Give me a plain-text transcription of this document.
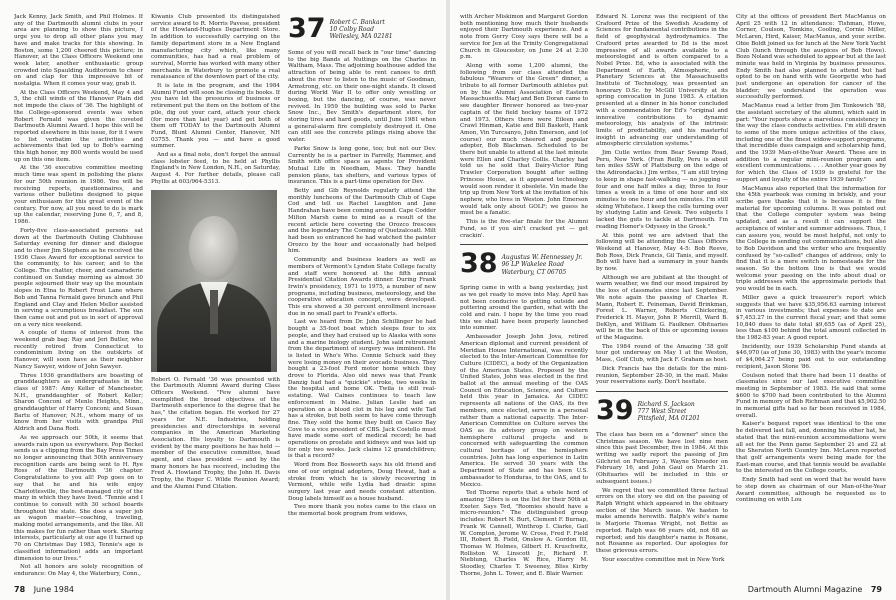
Jack Kenny, Jack Smith, and Phil Holmes. If any of the Dartmouth alumni clubs in your area are planning to show this picture, I urge you to drop all other plans you may have and make tracks for this showing. In Boston, some 1,200 cheered this picture; in Hanover, at the Class Officers Weekend one week later, another enthusiastic group crowded into Spaulding Auditorium to cheer on and clap for this impressive bit of nostalgia. When it comes your way, grab it.

At the Class Officers Weekend, May 4 and 5, the chill winds of the Hanover Plain did not impede the class of '36. The highlight of the College-sponsored events was when Robert Fernald was given the coveted Dartmouth Alumni Award. I hope this will be reported elsewhere in this issue, for it I were to list verbatim the activities and achievements that led up to Bob's earning this high honor, my 800 words would be used up on this one item.

At the '36 executive committee meeting much time was spent in polishing the plans for our 50th reunion in 1986. You will be receiving reports, questionnaires, and various other bulletins designed to pique your enthusiasm for this great event of the century. For now, all you need to do is mark up the calendar, reserving June 6, 7, and 8, 1986.

Forty-five class-associated persons sat down at the Dartmouth Outing Clubhouse Saturday evening for dinner and dialogue and to cheer Jim Stephens as he received the 1936 Class Award for exceptional service to the community, to his career, and to the College. The chatter, cheer, and camaraderie continued on Sunday morning as almost 30 people sojourned their way up the mountain slopes in Etna to Robert Frost Lane where Bob and Tanna Fernald gave brunch and Phil England and Clay and Helen Mellor assisted in serving a scrumptious breakfast. The sun then came out and put us in sort of approval on a very nice weekend.

A couple of items of interest from the weekend grab bag: Ray and Jeri Butler, who recently retired from Connecticut to condominium living on the outskirts of Hanover, will soon have as their neighbor Nancy Sawyer, widow of John Sawyer.

Three 1936 grandfathers are boasting of granddaughters as undergraduates in the class of 1987: Amy Keller of Manchester, N.H., granddaughter of Robert Keller; Sharon Conconi of Menlo Heights, Minn., granddaughter of Harry Conconi; and Susan Bartu of Hanover, N.H., whom many of us know from her visits with grandpa Phil Aldrich and Dana Rodi.

As we approach our 50th, it seems that awards rain upon us everywhere. Pop Beckel sends us a clipping from the Bay Press Times no longer announcing that 50th anniversary recognition cards are being sent to H. Rye Ross of the Dartmouth '36 chapter. Congratulations to you all! Pop goes on to say that he and his wife enjoy Charlottesville, the best-managed city of the many in which they have lived. "Tennie and I continue to consult with 30 school boards throughout the state. She does a super job as wagon master—coaching, traveling, making motel arrangements, and the like. All this makes for fun rather than work. Sharing interests, particularly at our age (I turned up 70 on Christmas Day 1983, Tennie's age is classified information) adds an important dimension to our lives."

Not all honors are solely recognition of endurance: On May 4, the Waterbury, Conn.,

Kiwanis Club presented its distinguished service award to R. Morris Pavese, president of the Howland-Hughes Department Store. In addition to successfully carrying on the family department store in a New England manufacturing city which, like many communities, has had a real problem of survival, Morrie has worked with many other merchants in Waterbury to promote a real renaissance of the downtown part of the city.

It is late in the program, and the 1984 Alumni Fund will soon be closing its books. If you have let the pressures of business or retirement put the item on the bottom of the pile, dig out your card, attach your check (for more than last year) and get both of them off TODAY to the Dartmouth Alumni Fund, Blunt Alumni Center, Hanover, NH 03755. Thank you — and have a good summer.

And as a final note, don't forget the annual class lobster feed, to be held at Phyllis England's in New London, N.H., on Saturday, August 4. For further details, please call Phyllis at 603/964-5313.

Robert O. Fernald '36 was presented with the Dartmouth Alumni Award during Class Officers Weekend. "Few alumni have exemplified the broad objectives of the Dartmouth experience to the degree that he has," the citation began. He worked for 27 years for N.E. Industries, holding presidencies and directorships in several companies in the American Marketing Association. His loyalty to Dartmouth is evident by the many positions he has held — member of the executive committee, head agent, and class president — and by the many honors he has received, including the Fred A. Howland Trophy, the John H. Davis Trophy, the Roger C. Wilde Reunion Award; and the Alumni Fund Citation.

37 Robert C. Bankart
10 Colby Road
Wellesley, MA 02181

Some of you will recall back in "our time" dancing to the big Bands at Nuttings on the Charles in Waltham, Mass. The adjoining boathouse added the attraction of being able to rent canoes to drift about the river to listen to the music of Goodman, Armstrong, etc. on their one-night stands. It closed during World War II to offer only wrestling or boxing, but the dancing, of course, was never revived. In 1959 the building was sold to Parke Snow Inc., Bev Smith's department store, for storing tires and hard goods, until June 1981 when a general-alarm fire completely destroyed it. One can still see the concrete pilings rising above the water.

Parke Snow is long gone, too; but not our Dev. Currently he is a partner in Farrelly, Hammer, and Smith with office space as agents for Provident Mutual Life in Needham, Mass. They handle pension plans, tax shelters, and various types of insurance. This is a part-time operation for Dev.

Betty and Gib Reynolds regularly attend the monthly luncheons of the Dartmouth Club of Cape Cod and tell us Rachel Laughton and Jane Handrahan have been coming around. Cape Codder Milton Marsh came to mind as a result of the recent article here covering the Orozco frescoes and the legendary The Coming of Quetzalcoatl. Milt had been so entranced he had watched the painter Orozco by the hour and occasionally had helped him.

Community and business leaders as well as members of Vermont's Lyndon State College faculty and staff were honored at the fifth annual Presidential Citation Awards dinner. During Frank Irwin's presidency, 1971 to 1975, a number of new programs, including business, meteorology, and the cooperative education concept, were developed. This era showed a 30 percent enrollment increase due in no small part to Frank's efforts.

Last we heard from Dr. John Schillinger he had bought a 35-foot boat which sleeps four to six people, and they had cruised up to Alaska with sons and a marine biology student. John said retirement from the department of surgery was imminent. He is listed in Who's Who. Connie Schuck said they were losing money on their avocado business. They bought a 23-foot Ford motor home which they drove to Florida. Also old news was that Frank Danzig had had a "quickie" stroke, two weeks in the hospital and home OK. Twila is still real-estating. Wal Caines continues to teach law enforcement in Maine. Julian Leslie had an operation on a blood clot in his leg and wife Tad has a stroke, but both seem to have come through fine. They sold the home they built on Casco Bay Cove to a vice president of CBS. Jack Costello must have made some sort of medical record; he had operations on prostate and kidneys and was laid up for only two weeks. Jack claims 12 grandchildren; is that a record?

Word from Boz Bosworth says his old friend and one of our original adopters, Doug Hewat, had a stroke from which he is slowly recovering in Vermont, while wife Lydia had drastic spine surgery last year and needs constant attention. Doug labels himself as a house husband.

Two more thank you notes came to the class on the memorial book program from widows,

78 June 1984

with Archer Miskimon and Margaret Gordon both mentioning how much their husbands enjoyed their Dartmouth experience. And a note from Gerry Cosy says there will be a service for Jen at the Trinity Congregational Church in Gloucester, on June 24 at 2:30 p.m.

Along with some 1,200 alumni, the following from our class attended the fabulous "Wearers of the Green" dinner, a tribute to all former Dartmouth athletes put on by the Alumni Association of Eastern Massachusetts. Marj and Ben Doran came to see daughter Brewer honored as two-year captain of the field hockey teams of 1972 and 1973. Others there were Eileen and Crawl Hinman, Katie and Bill Baskett, Hank Amon, Vin Turcsanyo, John Emerson, and (of course) our much cheered and popular adopter, Bob Blackman. Scheduled to be there but unable to attend at the last minute were Ellen and Charley Collis. Charley had told us he sold that Dairy-Victor Ring Trawler Corporation bought after selling Princess House, as it appeared technology would soon render it obsolete. Vin made the trip up from New York at the invitation of his nephew, who lives in Weston. John Emerson would talk only about GOLF; we guess he must be a fanatic.

This is the five-star finale for the Alumni Fund, so if you ain't cracked yet — get crackin'.

38 Augustus W. Hennessey Jr.
96 LP Wakelee Road
Waterbury, CT 06705

Spring came in with a bang yesterday, just as we get ready to move into May. April has not been conducive to getting outside and puttering around the garden, what with the cold and rain. I hope by the time you read this we shall have been properly launched into summer.

Ambassador Joseph John Jova, retired American diplomat and current president of Meridian House International, was recently elected to the Inter-American Committee for Culture (CIDEC), a body of the Organization of the American States. Proposed by the United States, John was elected in the first ballot at the annual meeting of the OAS Council on Education, Science, and Culture held this year in Jamaica. As CIDEC represents all nations of the OAS, its five members, once elected, serve in a personal rather than a national capacity. The Inter-American Committee on Culture serves the OAS as its advisory group on western hemisphere cultural projects and is concerned with safeguarding the common cultural heritage of the hemisphere countries. John has long experience in Latin America. He served 30 years with the Department of State and has been U.S. ambassador to Honduras, to the OAS, and to Mexico.

Ted Thorne reports that a whole herd of amazing '38ers is on the list for their 50th at Exeter. Says Ted, "Roomies should have a micro-reunion." The distinguished group includes: Robert N. Burt, Clement F. Burnap, Frank W. Cannell, Winthrop I. Clarke, Gail W. Compton, Jerome W. Cross, Fred F. Field III, Robert B. Field, Onslow A. Gordon III, Thomas W. Holmes, Gilbert H. Kruschwitz, Rolliston W. Linscott Jr., Richard F. Nieblung, Charles W. Rice, Harry M. Stoodley, Charles T. Sweeney, Bliss Kirby Thorne, John L. Tower, and E. Blair Warner.

Edward N. Lorenz was the recipient of the Crafoord Prize of the Swedish Academy of Sciences for fundamental contributions in the field of geophysical hydrodynamics. The Crafoord prize awarded to Ed is the most impressive of all awards available to a meteorologist and is often compared to a Nobel Prize. Ed, who is associated with the Department of Earth, Atmospheric, and Planetary Sciences at the Massachusetts Institute of Technology, was presented an honorary D.Sc. by McGill University at its spring convocation in June 1983. A citation presented at a dinner in his honor concluded with a commendation for Ed's "original and innovative contributions to dynamic meteorology, his analysis of the intrinsic limits of predictability, and his masterful insight in advancing our understanding of atmospheric circulation systems."

Jim Cutle writes from Bear Swamp Road, Peru, New York. (Fran Reilly, Peru is about ten miles SSW of Plattsburg on the edge of the Adirondacks.) Jim writes, "I am still trying to keep in shape fast-walking — no jogging — four and one half miles a day, three to four times a week in a time of one hour and six minutes to one hour and ten minutes. I'm still skiing Whiteface. I keep the cells turning over by studying Latin and Greek. Two subjects I lacked the guts to tackle at Dartmouth. I'm reading Homer's Odyssey in the Greek."

At this point we are advised that the following will be attending the Class Officers Weekend at Hanover, May 4-5: Bob Reeve, Bob Ross, Dick Francis, Gil Tanis, and myself. Bob will have had a summary in your hands by now.

Although we are jubilant at the thought of warm weather, we find our mood impaired by the loss of classmates since last September. We note again the passing of Charles R. Mann, Robert E. Feineman, David Brinkman, Forest L. Warner, Roberts Chickering, Frederick H. Mayor, John P. Merrill, Ward B. DeKlyn, and William G. Faulkner. Obituaries will be in the back of this or upcoming issues of the Magazine.

The 1984 round of the Amazing '38 golf tour got underway on May 1 at the Weston, Mass., Golf Club, with Jack F. Graham as host.

Dick Francis has the details for the mini-reunion, September 28-30, in the mail. Make your reservations early. Don't hesitate.

39 Richard S. Jackson
777 West Street
Pittsfield, MA 01201

The class has been on a "downer" since the Christmas season. We have lost nine men since this past December, five in 1984. At this writing we sadly report the passing of Jim Gilchrist on February 3, Wayne Shroeder on February 16, and John Gaul on March 21. (Obituaries will be included in this or subsequent issues.)

We regret that we committed three factual errors on the story we did on the passing of Ralph Wright which appeared in the obituary section of the March issue. We hasten to make amends herewith. Ralph's wife's name is Marjorie Thomas Wright, not Bettie as reported. Ralph was 66 years old, not 68 as reported; and his daughter's name is Roxane, not Rosanne as reported. Our apologies for these grievous errors.

Your executive committee met in New York

City at the offices of president Bert MacManus on April 25 with 12 in attendance: Tishman, Howe, Corner, Coulson, Tomkins, Cooling, Cornie Miller, McLaren, Hird, Kaiser, MacManus, and your scribe. Obie Boldt joined us for lunch at the New York Yacht Club (lunch through the auspices of Bob Howe). Bozo Noland was scheduled to appear but at the last minute was held in Virginia by business pressures. Endy Smith had also planned to attend but had opted to be on hand with wife Georgette who had just undergone an operation for cancer of the bladder; we understand the operation was successfully performed.

MacManus read a letter from Jim Tonkowich '88, the assistant secretary of the alumni, which said in part: "Your reports show a marvelous consistency in the way the class conducts activities. I'm still drawn to some of the more unique activities of the class, including one of the finest widow-support programs, that incredible dues campaign and scholarship fund, and the 1939 Man-of-the-Year Award. These are in addition to a regular mini-reunion program and excellent communications. . . . Another year goes by for which the Class of 1939 is grateful for the support and loyalty of the entire 1939 family."

MacManus also reported that the information for the 45th yearbook was coming in briskly, and your scribe gave thanks that it is because it is fine material for upcoming columns. It was pointed out that the College computer system was being updated, and as a result it can support the acceptance of winter and summer addresses. Thus, I can assure you, would be most helpful, not only to the College in sending out communications, but also to Bob Davidson and the writer who are frequently confused by "so-called" changes of address, only to find that it is a mere switch in homesteads for the season. So the bottom line is that we would welcome your passing on the info about dual or triple addresses with the approximate periods that you would be in each.

Miller gave a quick treasurer's report which suggests that we have $35,956.63 earning interest in various investments; that expenses to date are $7,453.27 in the current fiscal year; and that some 10,840 dues to date total $9,655 (as of April 25), less than $100 behind the total amount collected in the 1982-83 year. A good report.

Incidently, our 1939 Scholarship Fund stands at $46,970 (as of June 30, 1983) with the year's income of $4,064.27 being paid out to our outstanding recipient, Jason Stone '86.

Coulson noted that there had been 11 deaths of classmates since our last executive committee meeting in September of 1983. He said that some $600 to $700 had been contributed to the Alumni Fund in memory of Bob Richman and that $5,902.50 in memorial gifts had so far been received in 1984, overall.

Kaiser's bequest report was identical to the one he delivered last fall, and, donning his other hat, he stated that the mini-reunion accommodations were all set for the Penn game September 21 and 22 at the Sheraton North Country Inn. McLaren reported that golf arrangements were being made for the East-man course, and that tennis would be available to the interested on the College courts.

Endy Smith had sent on word that he would have to step down as chairman of our Man-of-the-Year Award committee, although he requested us to continuing on with Lou

Dartmouth Alumni Magazine 79
